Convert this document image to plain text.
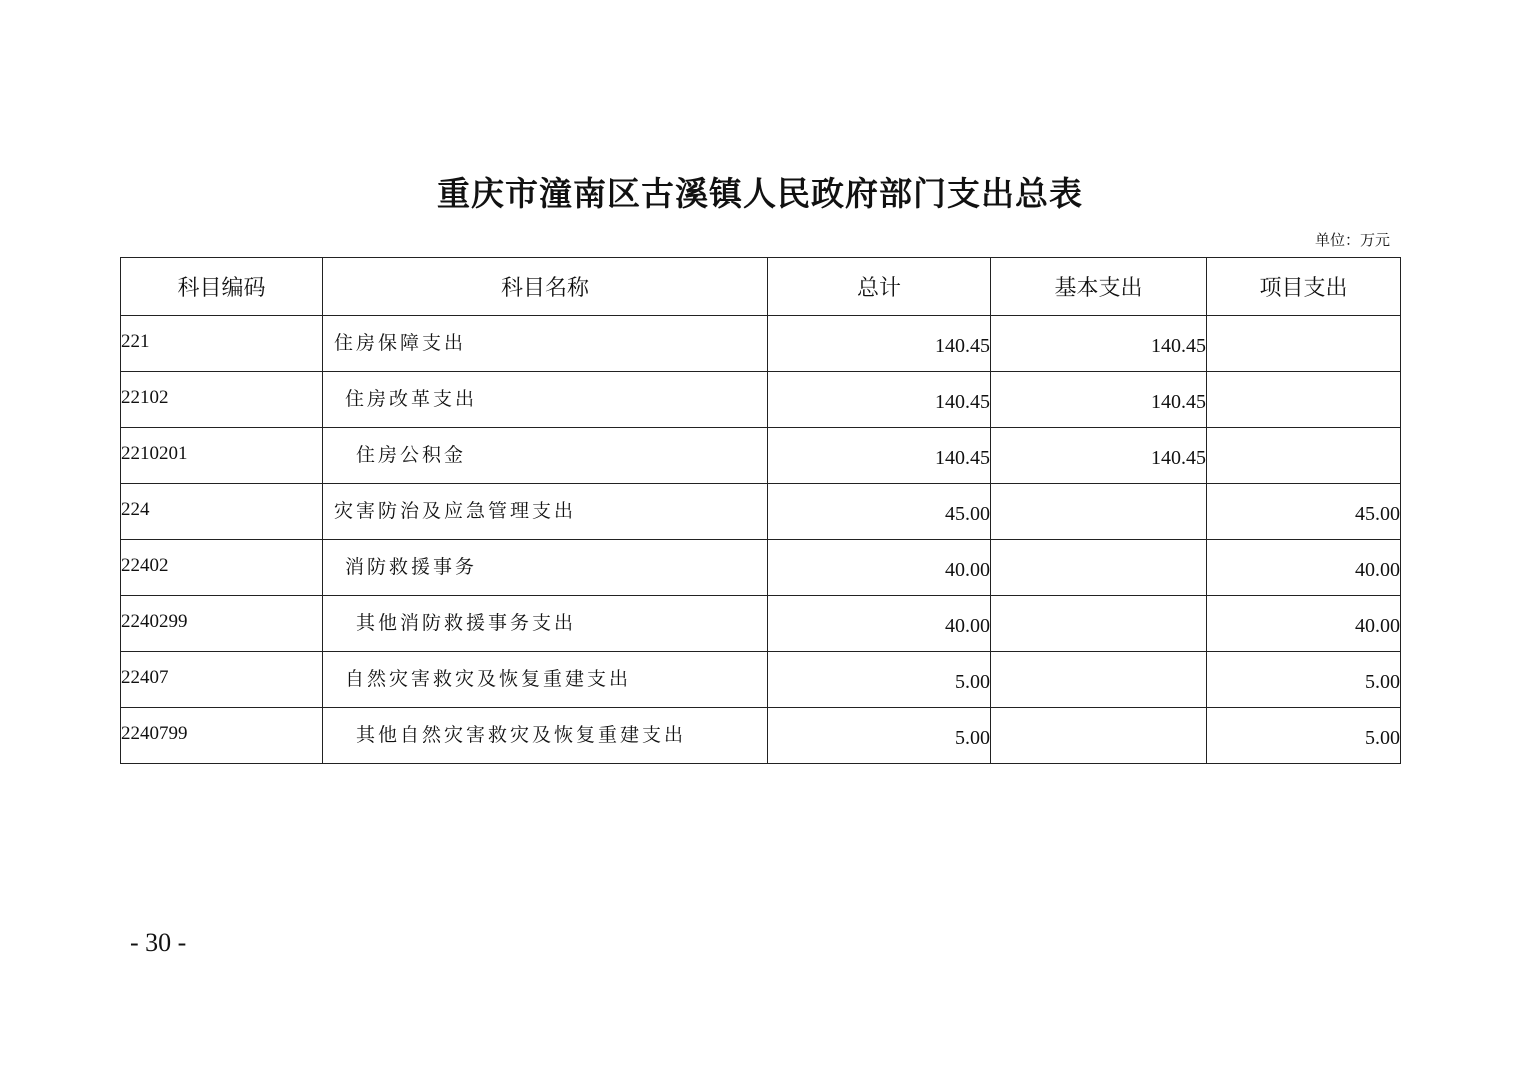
重庆市潼南区古溪镇人民政府部门支出总表
单位：万元
科目编码	科目名称	总计	基本支出	项目支出
221	住房保障支出	140.45	140.45	
22102	住房改革支出	140.45	140.45	
2210201	住房公积金	140.45	140.45	
224	灾害防治及应急管理支出	45.00		45.00
22402	消防救援事务	40.00		40.00
2240299	其他消防救援事务支出	40.00		40.00
22407	自然灾害救灾及恢复重建支出	5.00		5.00
2240799	其他自然灾害救灾及恢复重建支出	5.00		5.00
- 30 -
